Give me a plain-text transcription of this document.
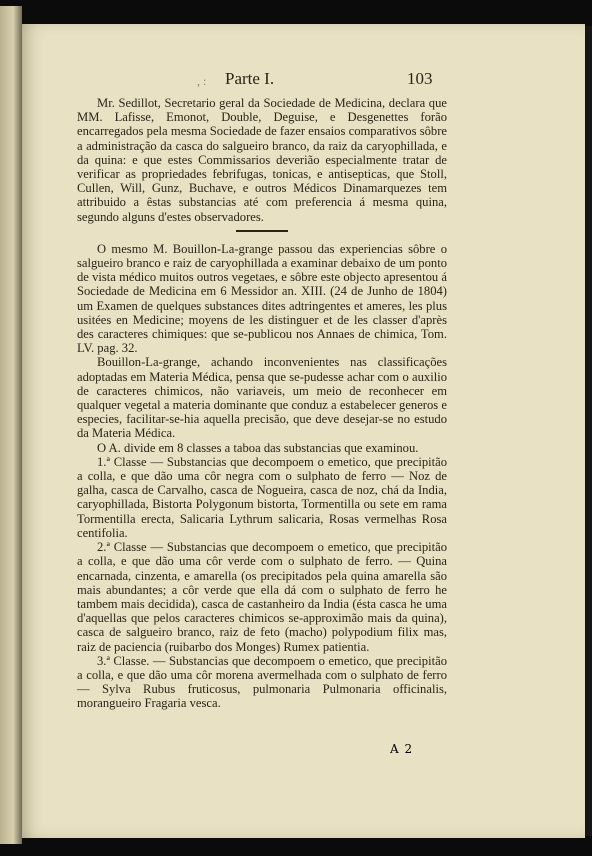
, : Parte I.	103

Mr. Sedillot, Secretario geral da Sociedade de Medicina, declara que MM. Lafisse, Emonot, Double, Deguise, e Desgenettes forão encarregados pela mesma Sociedade de fazer ensaios comparativos sôbre a administração da casca do salgueiro branco, da raiz da caryophillada, e da quina: e que estes Commissarios deverião especialmente tratar de verificar as propriedades febrifugas, tonicas, e antisepticas, que Stoll, Cullen, Will, Gunz, Buchave, e outros Médicos Dinamarquezes tem attribuido a êstas substancias até com preferencia á mesma quina, segundo alguns d'estes observadores.

O mesmo M. Bouillon-La-grange passou das experiencias sôbre o salgueiro branco e raiz de caryophillada a examinar debaixo de um ponto de vista médico muitos outros vegetaes, e sôbre este objecto apresentou á Sociedade de Medicina em 6 Messidor an. XIII. (24 de Junho de 1804) um Examen de quelques substances dites adtringentes et ameres, les plus usitées en Medicine; moyens de les distinguer et de les classer d'après des caracteres chimiques: que se-publicou nos Annaes de chimica, Tom. LV. pag. 32.

Bouillon-La-grange, achando inconvenientes nas classificações adoptadas em Materia Médica, pensa que se-pudesse achar com o auxilio de caracteres chimicos, não variaveis, um meio de reconhecer em qualquer vegetal a materia dominante que conduz a estabelecer generos e especies, facilitar-se-hia aquella precisão, que deve desejar-se no estudo da Materia Médica.

O A. divide em 8 classes a taboa das substancias que examinou.

1.ª Classe — Substancias que decompoem o emetico, que precipitão a colla, e que dão uma côr negra com o sulphato de ferro — Noz de galha, casca de Carvalho, casca de Nogueira, casca de noz, chá da India, caryophillada, Bistorta Polygonum bistorta, Tormentilla ou sete em rama Tormentilla erecta, Salicaria Lythrum salicaria, Rosas vermelhas Rosa centifolia.

2.ª Classe — Substancias que decompoem o emetico, que precipitão a colla, e que dão uma côr verde com o sulphato de ferro. — Quina encarnada, cinzenta, e amarella (os precipitados pela quina amarella são mais abundantes; a côr verde que ella dá com o sulphato de ferro he tambem mais decidida), casca de castanheiro da India (ésta casca he uma d'aquellas que pelos caracteres chimicos se-approximão mais da quina), casca de salgueiro branco, raiz de feto (macho) polypodium filix mas, raiz de paciencia (ruibarbo dos Monges) Rumex patientia.

3.ª Classe. — Substancias que decompoem o emetico, que precipitão a colla, e que dão uma côr morena avermelhada com o sulphato de ferro — Sylva Rubus fruticosus, pulmonaria Pulmonaria officinalis, morangueiro Fragaria vesca.

A 2
